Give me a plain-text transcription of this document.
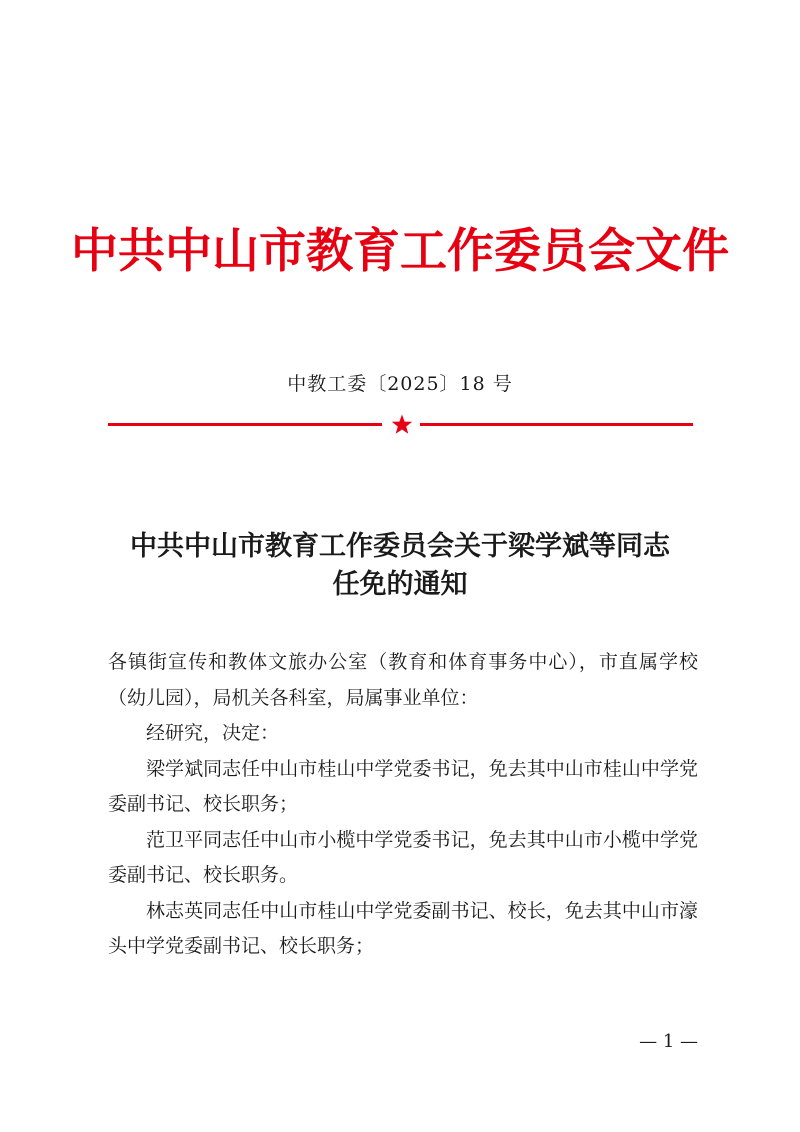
中共中山市教育工作委员会文件
中教工委〔2025〕18 号
中共中山市教育工作委员会关于梁学斌等同志
任免的通知

各镇街宣传和教体文旅办公室（教育和体育事务中心），市直属学校（幼儿园），局机关各科室，局属事业单位：

经研究，决定：

梁学斌同志任中山市桂山中学党委书记，免去其中山市桂山中学党委副书记、校长职务；

范卫平同志任中山市小榄中学党委书记，免去其中山市小榄中学党委副书记、校长职务。

林志英同志任中山市桂山中学党委副书记、校长，免去其中山市濠头中学党委副书记、校长职务；

— 1 —
